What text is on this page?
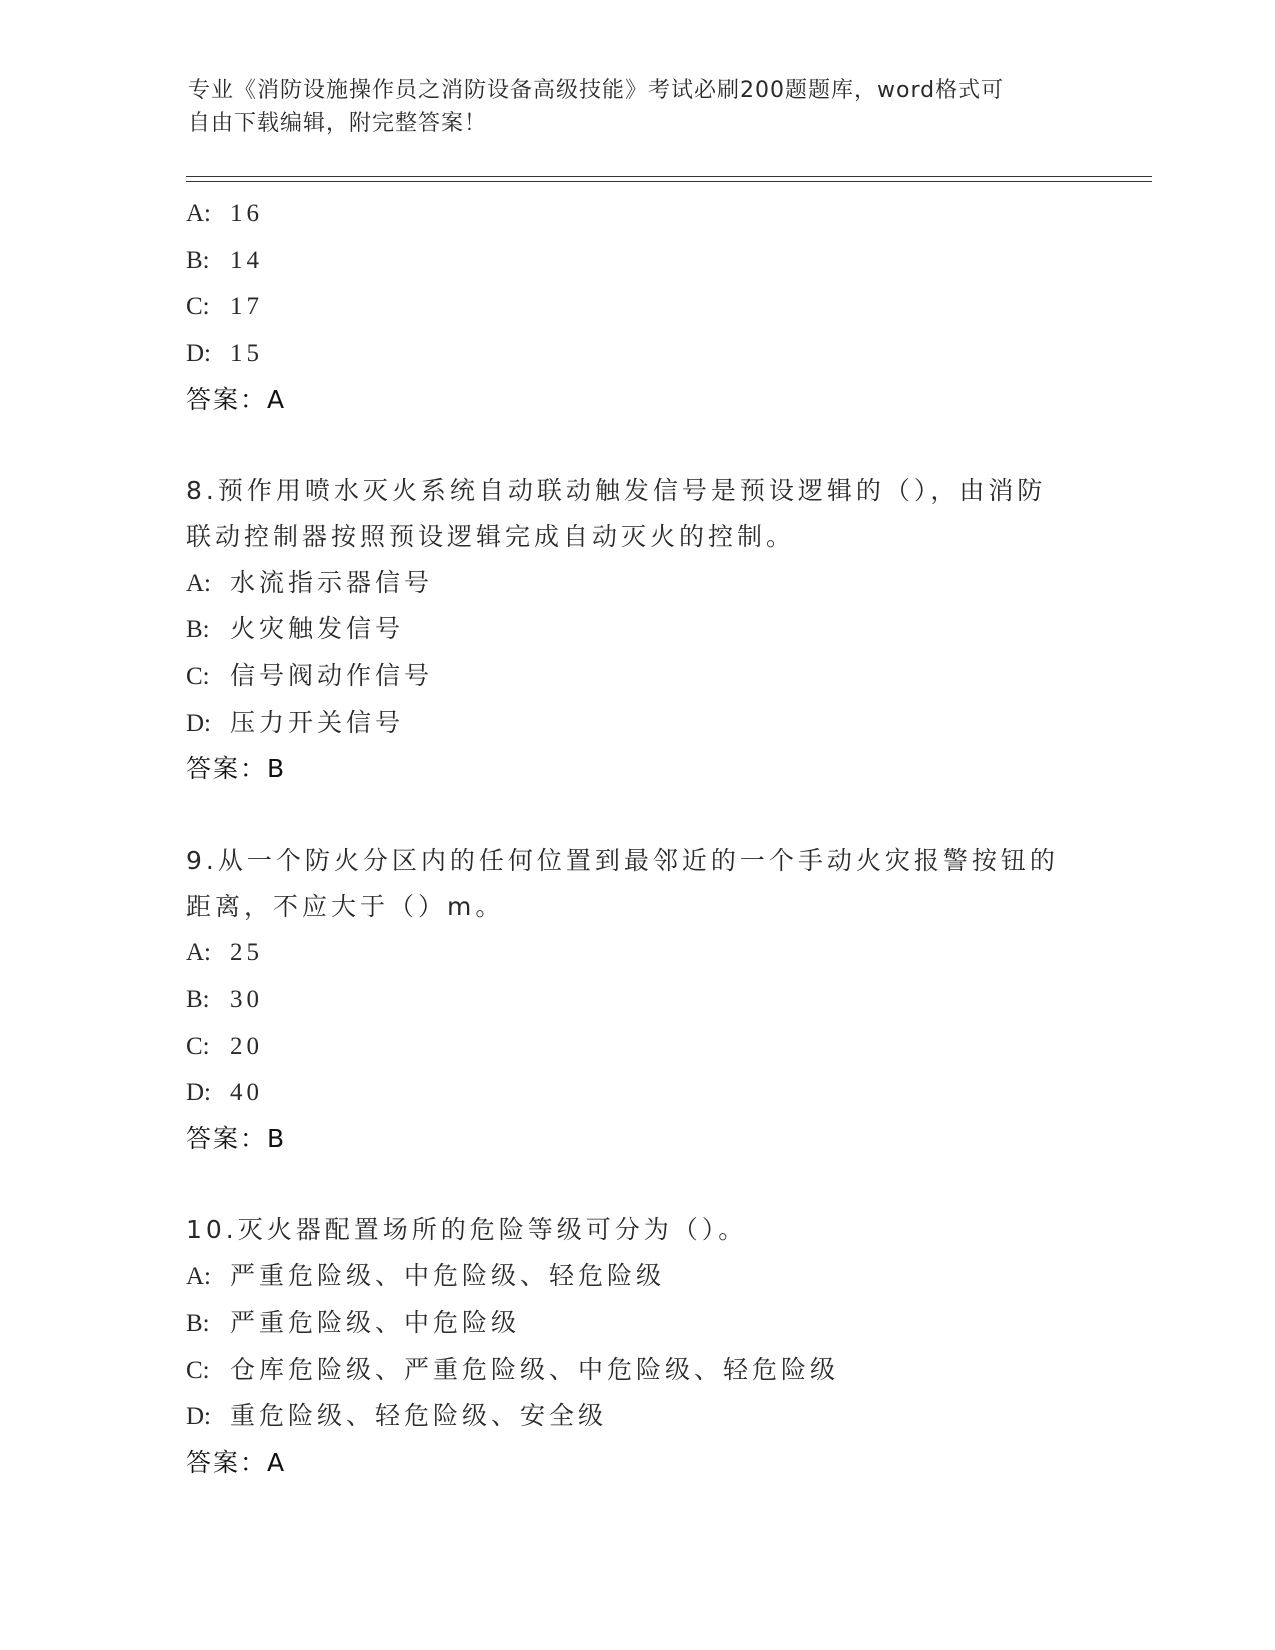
专业《消防设施操作员之消防设备高级技能》考试必刷200题题库，word格式可
自由下载编辑，附完整答案！
A: 16
B: 14
C: 17
D: 15
答案：A
8.预作用喷水灭火系统自动联动触发信号是预设逻辑的（），由消防
联动控制器按照预设逻辑完成自动灭火的控制。
A: 水流指示器信号
B: 火灾触发信号
C: 信号阀动作信号
D: 压力开关信号
答案：B
9.从一个防火分区内的任何位置到最邻近的一个手动火灾报警按钮的
距离，不应大于（）m。
A: 25
B: 30
C: 20
D: 40
答案：B
10.灭火器配置场所的危险等级可分为（）。
A: 严重危险级、中危险级、轻危险级
B: 严重危险级、中危险级
C: 仓库危险级、严重危险级、中危险级、轻危险级
D: 重危险级、轻危险级、安全级
答案：A
